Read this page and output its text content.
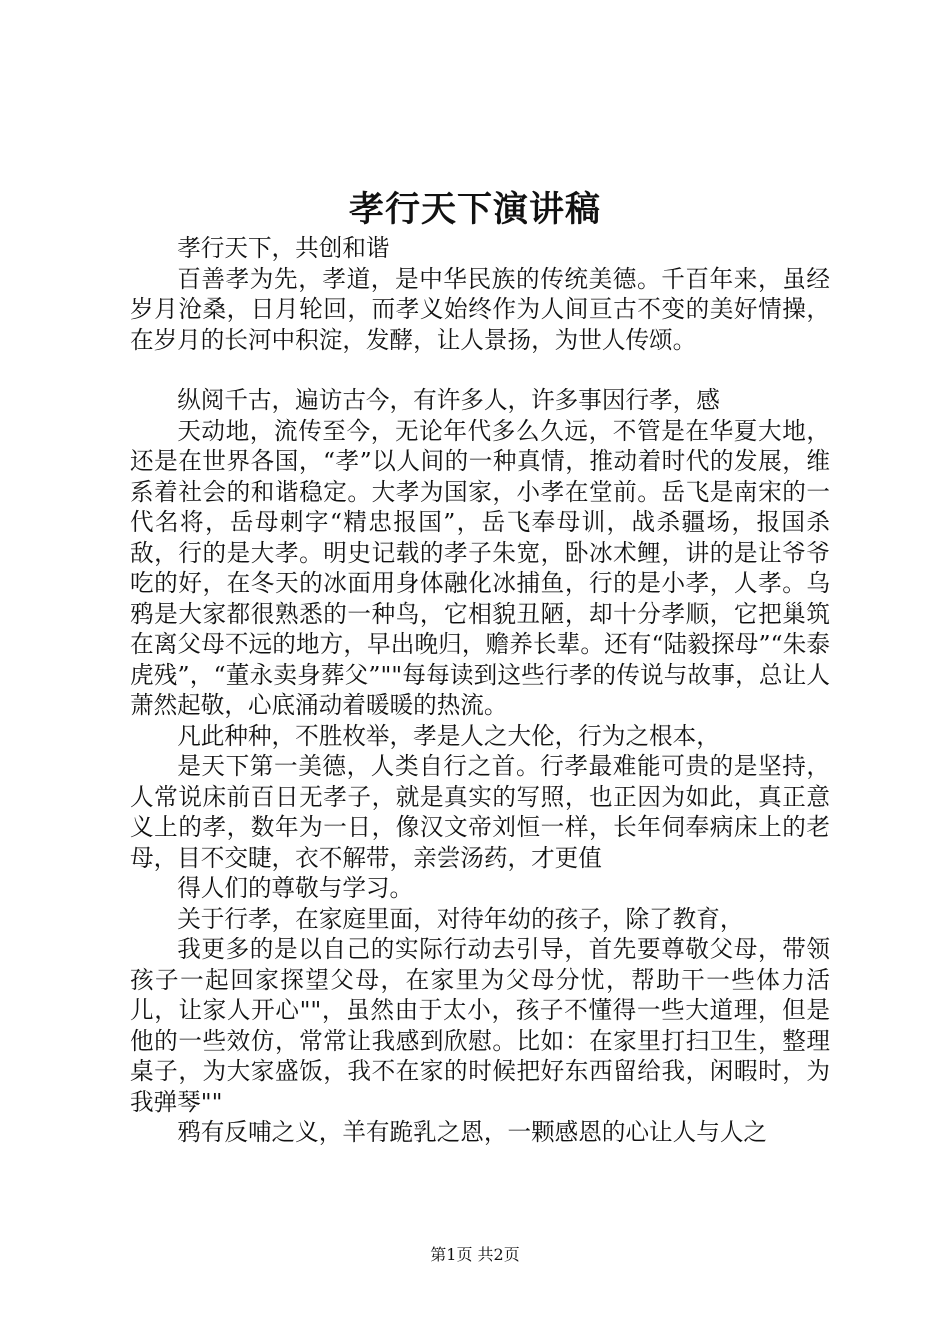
孝行天下演讲稿

孝行天下，共创和谐

百善孝为先，孝道，是中华民族的传统美德。千百年来，虽经岁月沧桑，日月轮回，而孝义始终作为人间亘古不变的美好情操，在岁月的长河中积淀，发酵，让人景扬，为世人传颂。

纵阅千古，遍访古今，有许多人，许多事因行孝，感

天动地，流传至今，无论年代多么久远，不管是在华夏大地，还是在世界各国，“孝”以人间的一种真情，推动着时代的发展，维系着社会的和谐稳定。大孝为国家，小孝在堂前。岳飞是南宋的一代名将，岳母刺字“精忠报国”，岳飞奉母训，战杀疆场，报国杀敌，行的是大孝。明史记载的孝子朱宽，卧冰术鲤，讲的是让爷爷吃的好，在冬天的冰面用身体融化冰捕鱼，行的是小孝，人孝。乌鸦是大家都很熟悉的一种鸟，它相貌丑陋，却十分孝顺，它把巢筑在离父母不远的地方，早出晚归，赡养长辈。还有“陆毅探母”“朱泰虎残”，“董永卖身葬父”""每每读到这些行孝的传说与故事，总让人萧然起敬，心底涌动着暖暖的热流。

凡此种种，不胜枚举，孝是人之大伦，行为之根本，

是天下第一美德，人类自行之首。行孝最难能可贵的是坚持，人常说床前百日无孝子，就是真实的写照，也正因为如此，真正意义上的孝，数年为一日，像汉文帝刘恒一样，长年伺奉病床上的老母，目不交睫，衣不解带，亲尝汤药，才更值

得人们的尊敬与学习。

关于行孝，在家庭里面，对待年幼的孩子，除了教育，

我更多的是以自己的实际行动去引导，首先要尊敬父母，带领孩子一起回家探望父母，在家里为父母分忧，帮助干一些体力活儿，让家人开心""，虽然由于太小，孩子不懂得一些大道理，但是他的一些效仿，常常让我感到欣慰。比如：在家里打扫卫生，整理桌子，为大家盛饭，我不在家的时候把好东西留给我，闲暇时，为我弹琴""

鸦有反哺之义，羊有跪乳之恩，一颗感恩的心让人与人之

第1页 共2页
